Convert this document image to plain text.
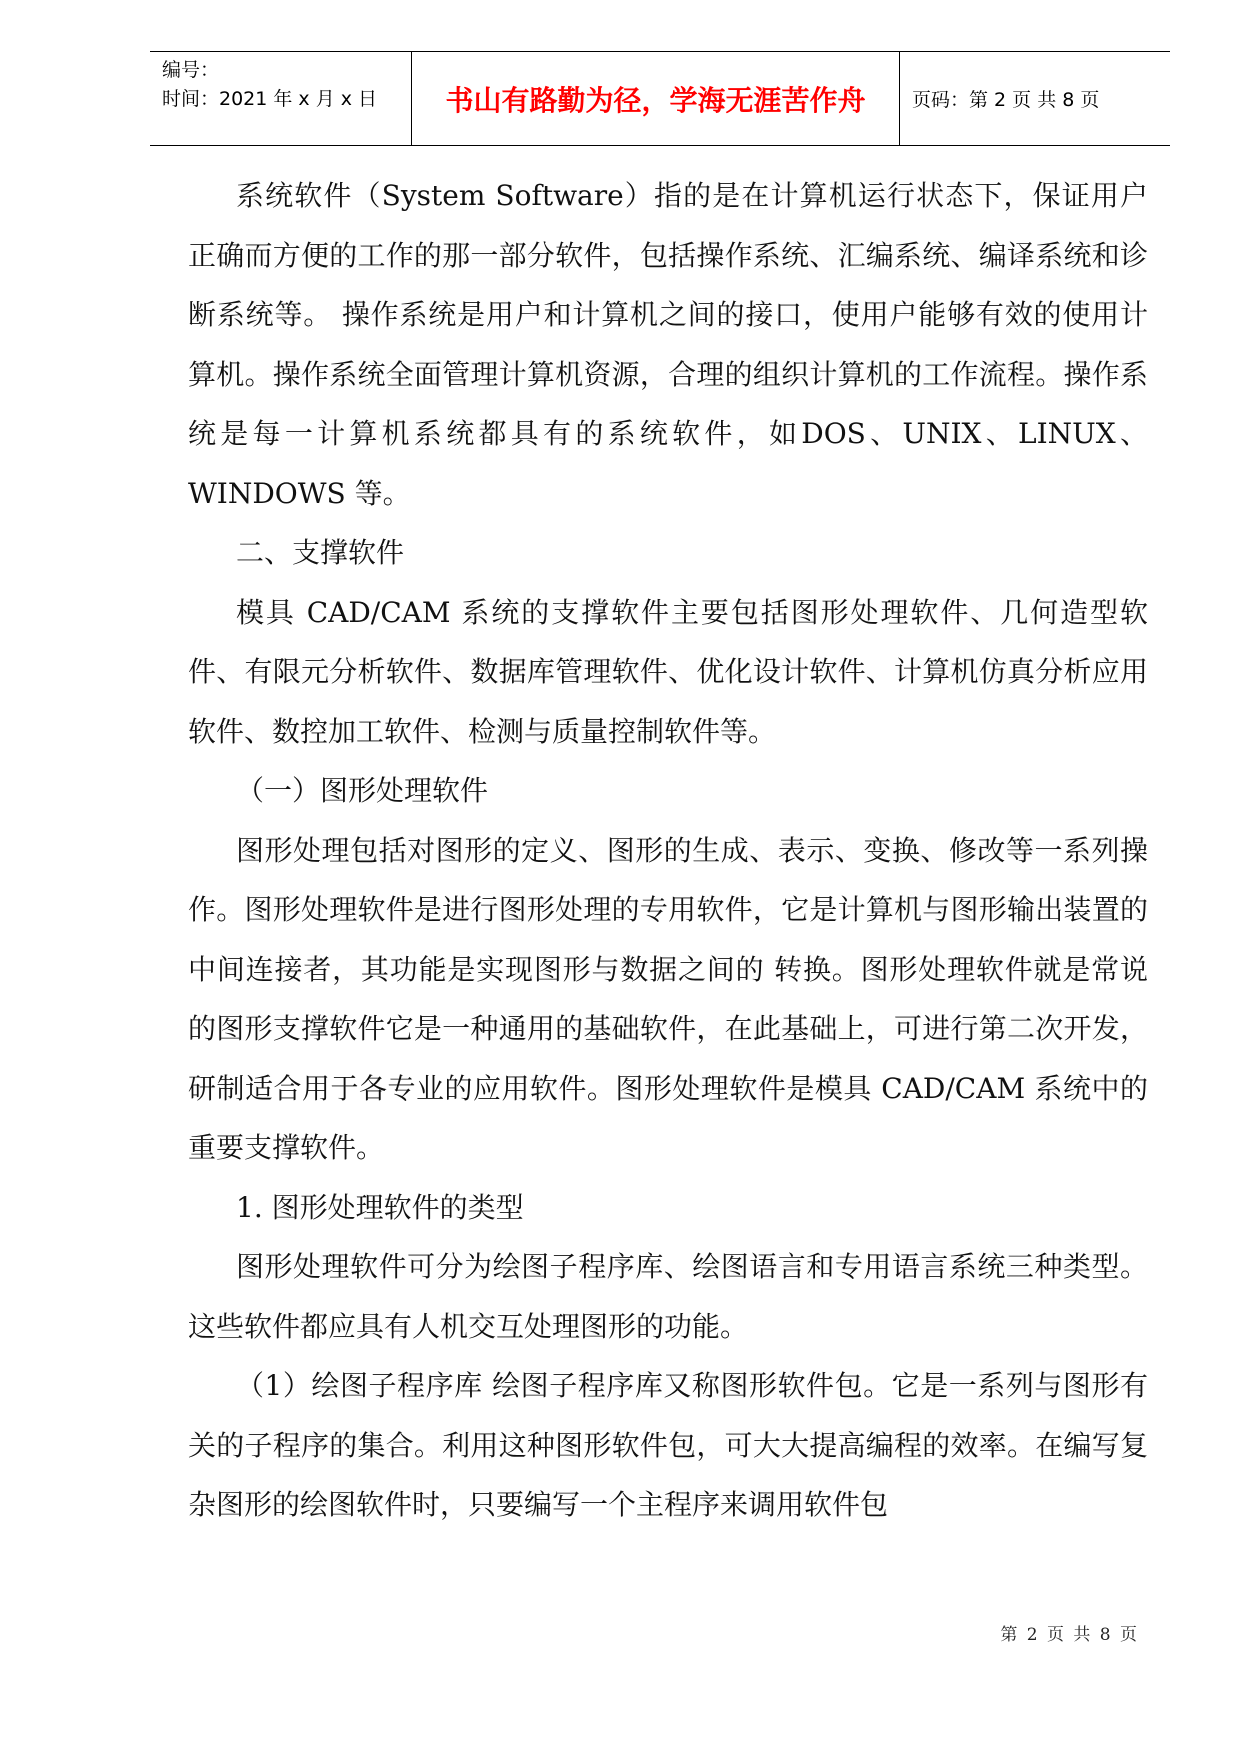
编号：
时间：2021 年 x 月 x 日	书山有路勤为径，学海无涯苦作舟	页码：第 2 页 共 8 页

系统软件（System Software）指的是在计算机运行状态下，保证用户正确而方便的工作的那一部分软件，包括操作系统、汇编系统、编译系统和诊断系统等。 操作系统是用户和计算机之间的接口，使用户能够有效的使用计算机。操作系统全面管理计算机资源，合理的组织计算机的工作流程。操作系统是每一计算机系统都具有的系统软件，如DOS、UNIX、LINUX、WINDOWS 等。

二、支撑软件

模具 CAD/CAM 系统的支撑软件主要包括图形处理软件、几何造型软件、有限元分析软件、数据库管理软件、优化设计软件、计算机仿真分析应用软件、数控加工软件、检测与质量控制软件等。

（一）图形处理软件

图形处理包括对图形的定义、图形的生成、表示、变换、修改等一系列操作。图形处理软件是进行图形处理的专用软件，它是计算机与图形输出装置的中间连接者，其功能是实现图形与数据之间的 转换。图形处理软件就是常说的图形支撑软件它是一种通用的基础软件，在此基础上，可进行第二次开发，研制适合用于各专业的应用软件。图形处理软件是模具 CAD/CAM 系统中的重要支撑软件。

1. 图形处理软件的类型

图形处理软件可分为绘图子程序库、绘图语言和专用语言系统三种类型。这些软件都应具有人机交互处理图形的功能。

（1）绘图子程序库 绘图子程序库又称图形软件包。它是一系列与图形有关的子程序的集合。利用这种图形软件包，可大大提高编程的效率。在编写复杂图形的绘图软件时，只要编写一个主程序来调用软件包

第 2 页 共 8 页
